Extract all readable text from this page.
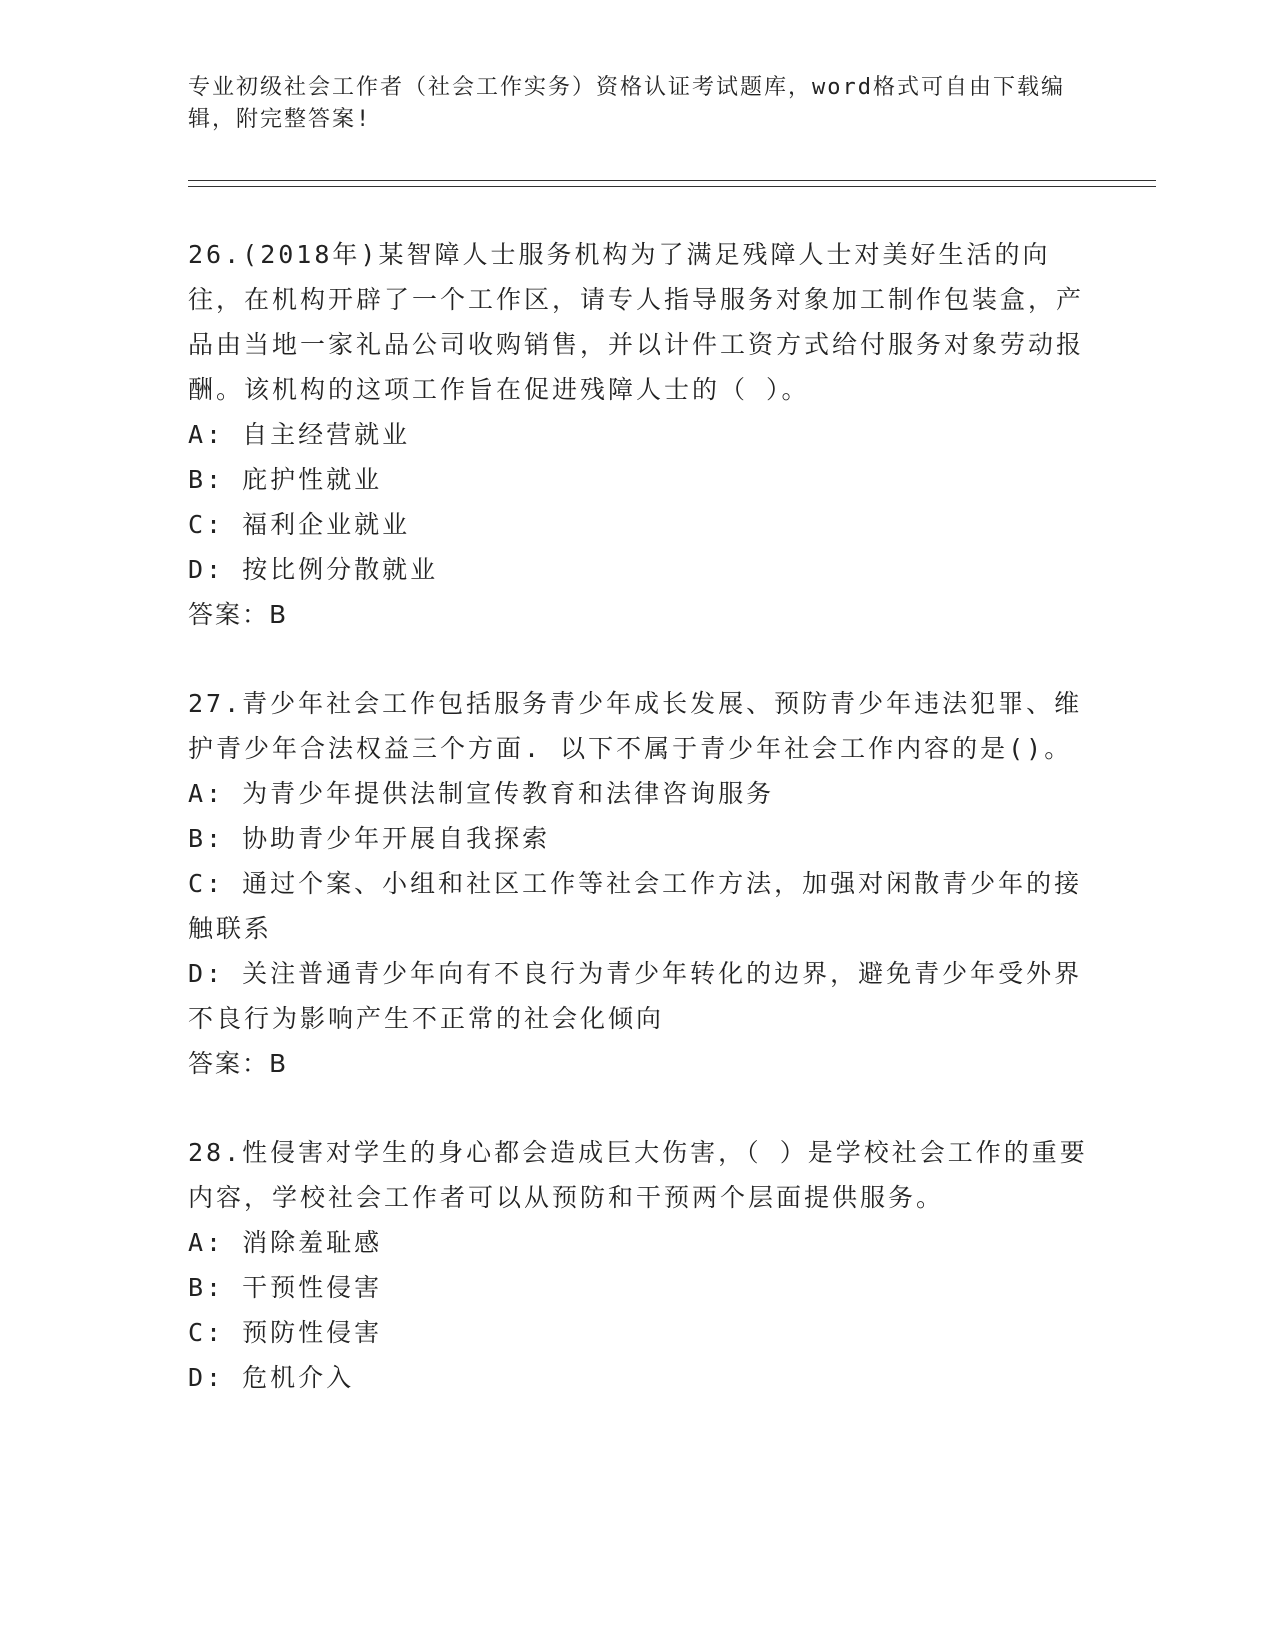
专业初级社会工作者（社会工作实务）资格认证考试题库，word格式可自由下载编辑，附完整答案!

26.(2018年)某智障人士服务机构为了满足残障人士对美好生活的向往，在机构开辟了一个工作区，请专人指导服务对象加工制作包装盒，产品由当地一家礼品公司收购销售，并以计件工资方式给付服务对象劳动报酬。该机构的这项工作旨在促进残障人士的（ ）。

A: 自主经营就业

B: 庇护性就业

C: 福利企业就业

D: 按比例分散就业

答案：B

27.青少年社会工作包括服务青少年成长发展、预防青少年违法犯罪、维护青少年合法权益三个方面. 以下不属于青少年社会工作内容的是()。

A: 为青少年提供法制宣传教育和法律咨询服务

B: 协助青少年开展自我探索

C: 通过个案、小组和社区工作等社会工作方法，加强对闲散青少年的接触联系

D: 关注普通青少年向有不良行为青少年转化的边界，避免青少年受外界不良行为影响产生不正常的社会化倾向

答案：B

28.性侵害对学生的身心都会造成巨大伤害，（ ）是学校社会工作的重要内容，学校社会工作者可以从预防和干预两个层面提供服务。

A: 消除羞耻感

B: 干预性侵害

C: 预防性侵害

D: 危机介入
